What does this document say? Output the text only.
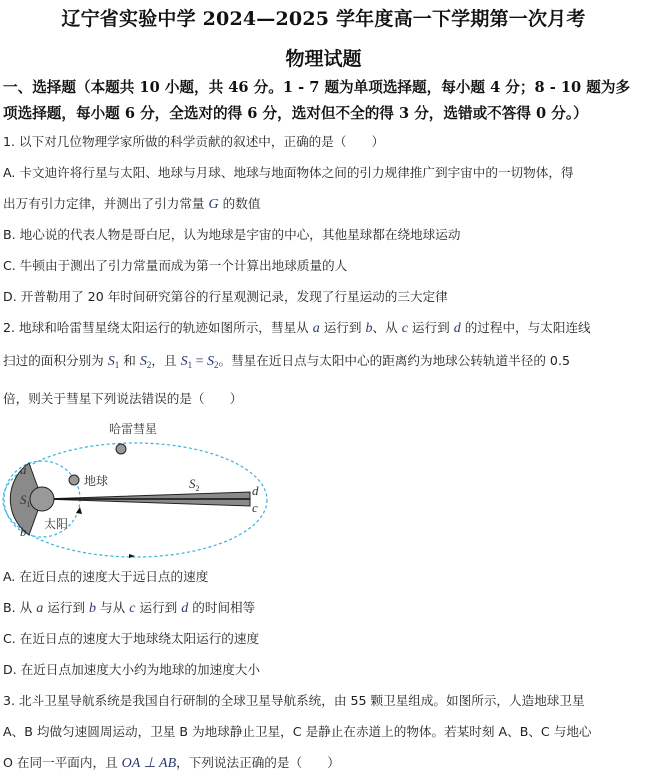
辽宁省实验中学 2024—2025 学年度高一下学期第一次月考
物理试题
一、选择题（本题共 10 小题，共 46 分。1 - 7 题为单项选择题，每小题 4 分；8 - 10 题为多
项选择题，每小题 6 分，全选对的得 6 分，选对但不全的得 3 分，选错或不答得 0 分。）
1. 以下对几位物理学家所做的科学贡献的叙述中，正确的是（　　）
A. 卡文迪许将行星与太阳、地球与月球、地球与地面物体之间的引力规律推广到宇宙中的一切物体，得
出万有引力定律，并测出了引力常量 G 的数值
B. 地心说的代表人物是哥白尼，认为地球是宇宙的中心，其他星球都在绕地球运动
C. 牛顿由于测出了引力常量而成为第一个计算出地球质量的人
D. 开普勒用了 20 年时间研究第谷的行星观测记录，发现了行星运动的三大定律
2. 地球和哈雷彗星绕太阳运行的轨迹如图所示，彗星从 a 运行到 b、从 c 运行到 d 的过程中，与太阳连线
扫过的面积分别为 $S_1$ 和 $S_2$，且 $S_1 = S_2$。彗星在近日点与太阳中心的距离约为地球公转轨道半径的 0.5
倍，则关于彗星下列说法错误的是（　　）
哈雷彗星
地球
太阳
a
b
c
d
$S_1$
$S_2$
A. 在近日点的速度大于远日点的速度
B. 从 a 运行到 b 与从 c 运行到 d 的时间相等
C. 在近日点的速度大于地球绕太阳运行的速度
D. 在近日点加速度大小约为地球的加速度大小
3. 北斗卫星导航系统是我国自行研制的全球卫星导航系统，由 55 颗卫星组成。如图所示，人造地球卫星
A、B 均做匀速圆周运动，卫星 B 为地球静止卫星，C 是静止在赤道上的物体。若某时刻 A、B、C 与地心
O 在同一平面内，且 OA ⊥ AB，下列说法正确的是（　　）
